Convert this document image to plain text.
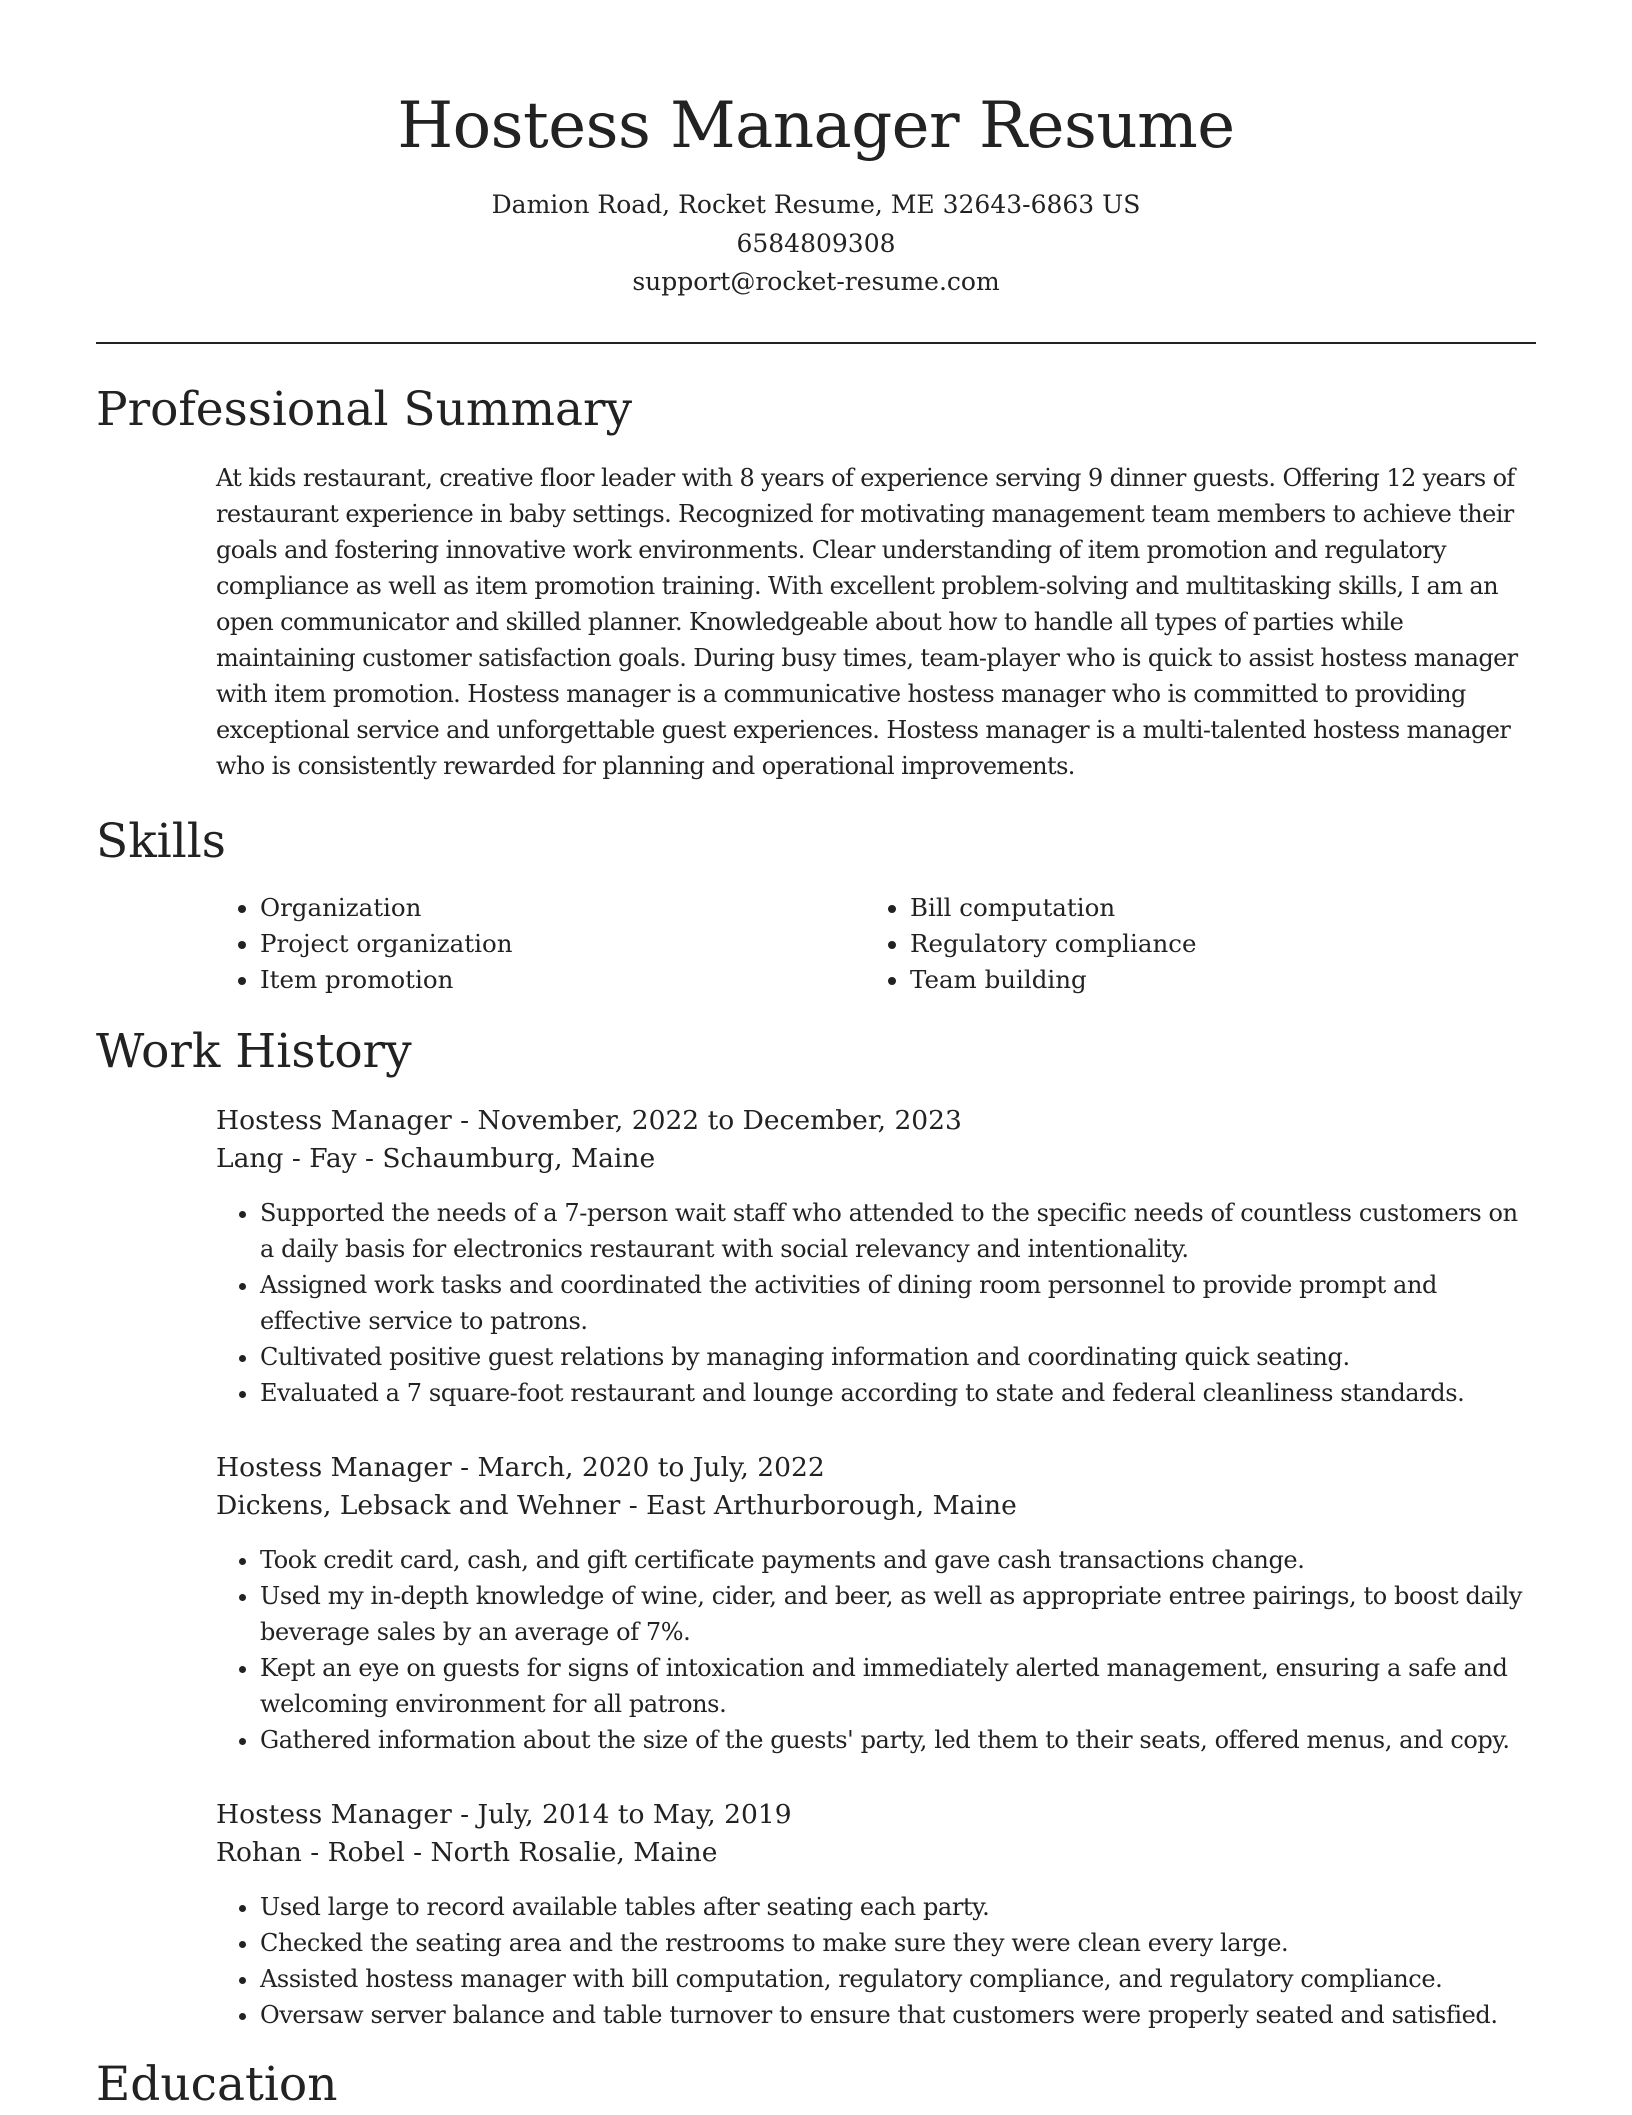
Hostess Manager Resume
Damion Road, Rocket Resume, ME 32643-6863 US
6584809308
support@rocket-resume.com
Professional Summary

At kids restaurant, creative floor leader with 8 years of experience serving 9 dinner guests. Offering 12 years of restaurant experience in baby settings. Recognized for motivating management team members to achieve their goals and fostering innovative work environments. Clear understanding of item promotion and regulatory compliance as well as item promotion training. With excellent problem-solving and multitasking skills, I am an open communicator and skilled planner. Knowledgeable about how to handle all types of parties while maintaining customer satisfaction goals. During busy times, team-player who is quick to assist hostess manager with item promotion. Hostess manager is a communicative hostess manager who is committed to providing exceptional service and unforgettable guest experiences. Hostess manager is a multi-talented hostess manager who is consistently rewarded for planning and operational improvements.

Skills
• Organization
• Project organization
• Item promotion
• Bill computation
• Regulatory compliance
• Team building
Work History
Hostess Manager - November, 2022 to December, 2023
Lang - Fay - Schaumburg, Maine
• Supported the needs of a 7-person wait staff who attended to the specific needs of countless customers on a daily basis for electronics restaurant with social relevancy and intentionality.
• Assigned work tasks and coordinated the activities of dining room personnel to provide prompt and effective service to patrons.
• Cultivated positive guest relations by managing information and coordinating quick seating.
• Evaluated a 7 square-foot restaurant and lounge according to state and federal cleanliness standards.
Hostess Manager - March, 2020 to July, 2022
Dickens, Lebsack and Wehner - East Arthurborough, Maine
• Took credit card, cash, and gift certificate payments and gave cash transactions change.
• Used my in-depth knowledge of wine, cider, and beer, as well as appropriate entree pairings, to boost daily beverage sales by an average of 7%.
• Kept an eye on guests for signs of intoxication and immediately alerted management, ensuring a safe and welcoming environment for all patrons.
• Gathered information about the size of the guests' party, led them to their seats, offered menus, and copy.
Hostess Manager - July, 2014 to May, 2019
Rohan - Robel - North Rosalie, Maine
• Used large to record available tables after seating each party.
• Checked the seating area and the restrooms to make sure they were clean every large.
• Assisted hostess manager with bill computation, regulatory compliance, and regulatory compliance.
• Oversaw server balance and table turnover to ensure that customers were properly seated and satisfied.
Education
